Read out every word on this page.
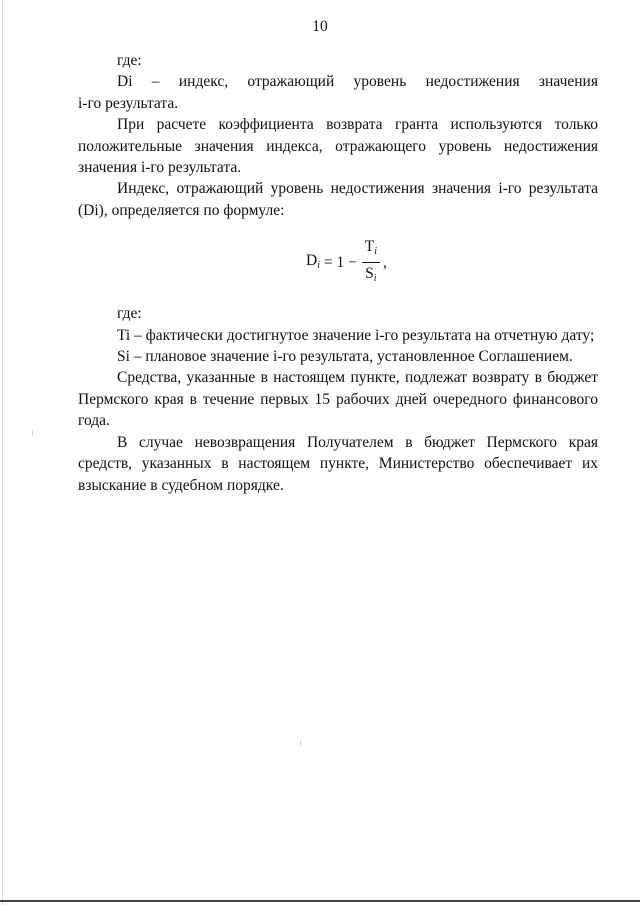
10

где:

Di – индекс, отражающий уровень недостижения значения

i-го результата.

При расчете коэффициента возврата гранта используются только положительные значения индекса, отражающего уровень недостижения значения i-го результата.

Индекс, отражающий уровень недостижения значения i-го результата (Di), определяется по формуле:

$Di = 1 - \frac{Ti}{Si}$ ,

где:

Ti – фактически достигнутое значение i-го результата на отчетную дату;

Si – плановое значение i-го результата, установленное Соглашением.

Средства, указанные в настоящем пункте, подлежат возврату в бюджет Пермского края в течение первых 15 рабочих дней очередного финансового года.

В случае невозвращения Получателем в бюджет Пермского края средств, указанных в настоящем пункте, Министерство обеспечивает их взыскание в судебном порядке.
